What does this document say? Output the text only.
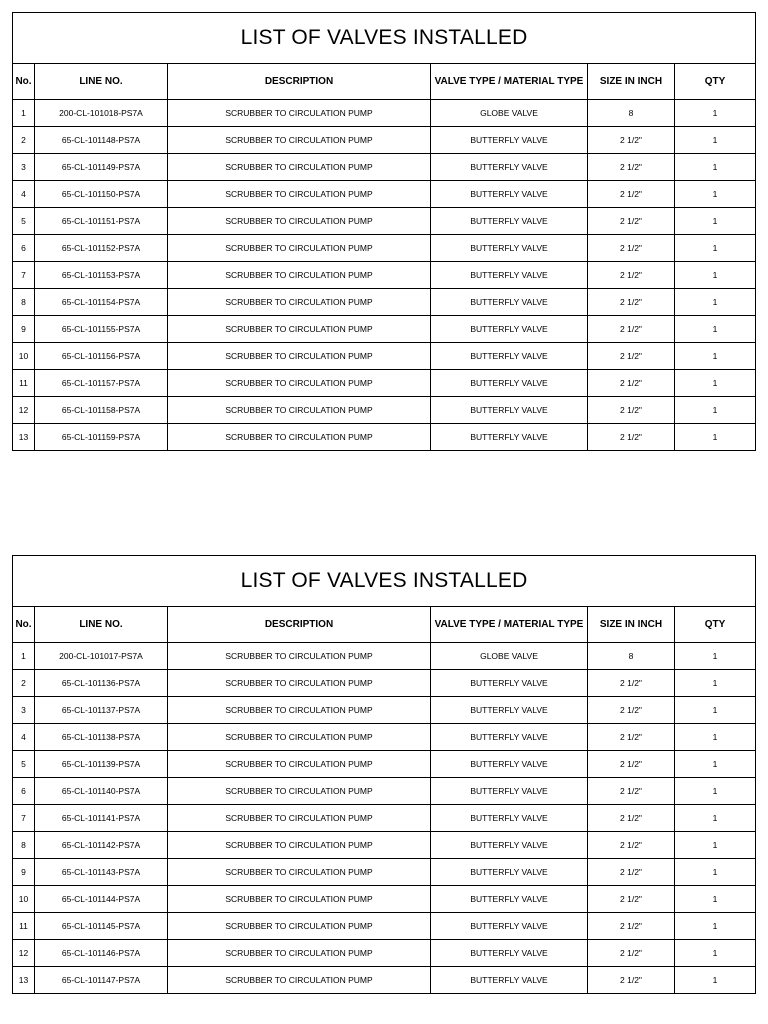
LIST OF VALVES INSTALLED					
No.	LINE NO.	DESCRIPTION	VALVE TYPE / MATERIAL TYPE	SIZE IN INCH	QTY
1	200-CL-101018-PS7A	SCRUBBER TO CIRCULATION PUMP	GLOBE VALVE	8	1
2	65-CL-101148-PS7A	SCRUBBER TO CIRCULATION PUMP	BUTTERFLY VALVE	2 1/2"	1
3	65-CL-101149-PS7A	SCRUBBER TO CIRCULATION PUMP	BUTTERFLY VALVE	2 1/2"	1
4	65-CL-101150-PS7A	SCRUBBER TO CIRCULATION PUMP	BUTTERFLY VALVE	2 1/2"	1
5	65-CL-101151-PS7A	SCRUBBER TO CIRCULATION PUMP	BUTTERFLY VALVE	2 1/2"	1
6	65-CL-101152-PS7A	SCRUBBER TO CIRCULATION PUMP	BUTTERFLY VALVE	2 1/2"	1
7	65-CL-101153-PS7A	SCRUBBER TO CIRCULATION PUMP	BUTTERFLY VALVE	2 1/2"	1
8	65-CL-101154-PS7A	SCRUBBER TO CIRCULATION PUMP	BUTTERFLY VALVE	2 1/2"	1
9	65-CL-101155-PS7A	SCRUBBER TO CIRCULATION PUMP	BUTTERFLY VALVE	2 1/2"	1
10	65-CL-101156-PS7A	SCRUBBER TO CIRCULATION PUMP	BUTTERFLY VALVE	2 1/2"	1
11	65-CL-101157-PS7A	SCRUBBER TO CIRCULATION PUMP	BUTTERFLY VALVE	2 1/2"	1
12	65-CL-101158-PS7A	SCRUBBER TO CIRCULATION PUMP	BUTTERFLY VALVE	2 1/2"	1
13	65-CL-101159-PS7A	SCRUBBER TO CIRCULATION PUMP	BUTTERFLY VALVE	2 1/2"	1
LIST OF VALVES INSTALLED					
No.	LINE NO.	DESCRIPTION	VALVE TYPE / MATERIAL TYPE	SIZE IN INCH	QTY
1	200-CL-101017-PS7A	SCRUBBER TO CIRCULATION PUMP	GLOBE VALVE	8	1
2	65-CL-101136-PS7A	SCRUBBER TO CIRCULATION PUMP	BUTTERFLY VALVE	2 1/2"	1
3	65-CL-101137-PS7A	SCRUBBER TO CIRCULATION PUMP	BUTTERFLY VALVE	2 1/2"	1
4	65-CL-101138-PS7A	SCRUBBER TO CIRCULATION PUMP	BUTTERFLY VALVE	2 1/2"	1
5	65-CL-101139-PS7A	SCRUBBER TO CIRCULATION PUMP	BUTTERFLY VALVE	2 1/2"	1
6	65-CL-101140-PS7A	SCRUBBER TO CIRCULATION PUMP	BUTTERFLY VALVE	2 1/2"	1
7	65-CL-101141-PS7A	SCRUBBER TO CIRCULATION PUMP	BUTTERFLY VALVE	2 1/2"	1
8	65-CL-101142-PS7A	SCRUBBER TO CIRCULATION PUMP	BUTTERFLY VALVE	2 1/2"	1
9	65-CL-101143-PS7A	SCRUBBER TO CIRCULATION PUMP	BUTTERFLY VALVE	2 1/2"	1
10	65-CL-101144-PS7A	SCRUBBER TO CIRCULATION PUMP	BUTTERFLY VALVE	2 1/2"	1
11	65-CL-101145-PS7A	SCRUBBER TO CIRCULATION PUMP	BUTTERFLY VALVE	2 1/2"	1
12	65-CL-101146-PS7A	SCRUBBER TO CIRCULATION PUMP	BUTTERFLY VALVE	2 1/2"	1
13	65-CL-101147-PS7A	SCRUBBER TO CIRCULATION PUMP	BUTTERFLY VALVE	2 1/2"	1
